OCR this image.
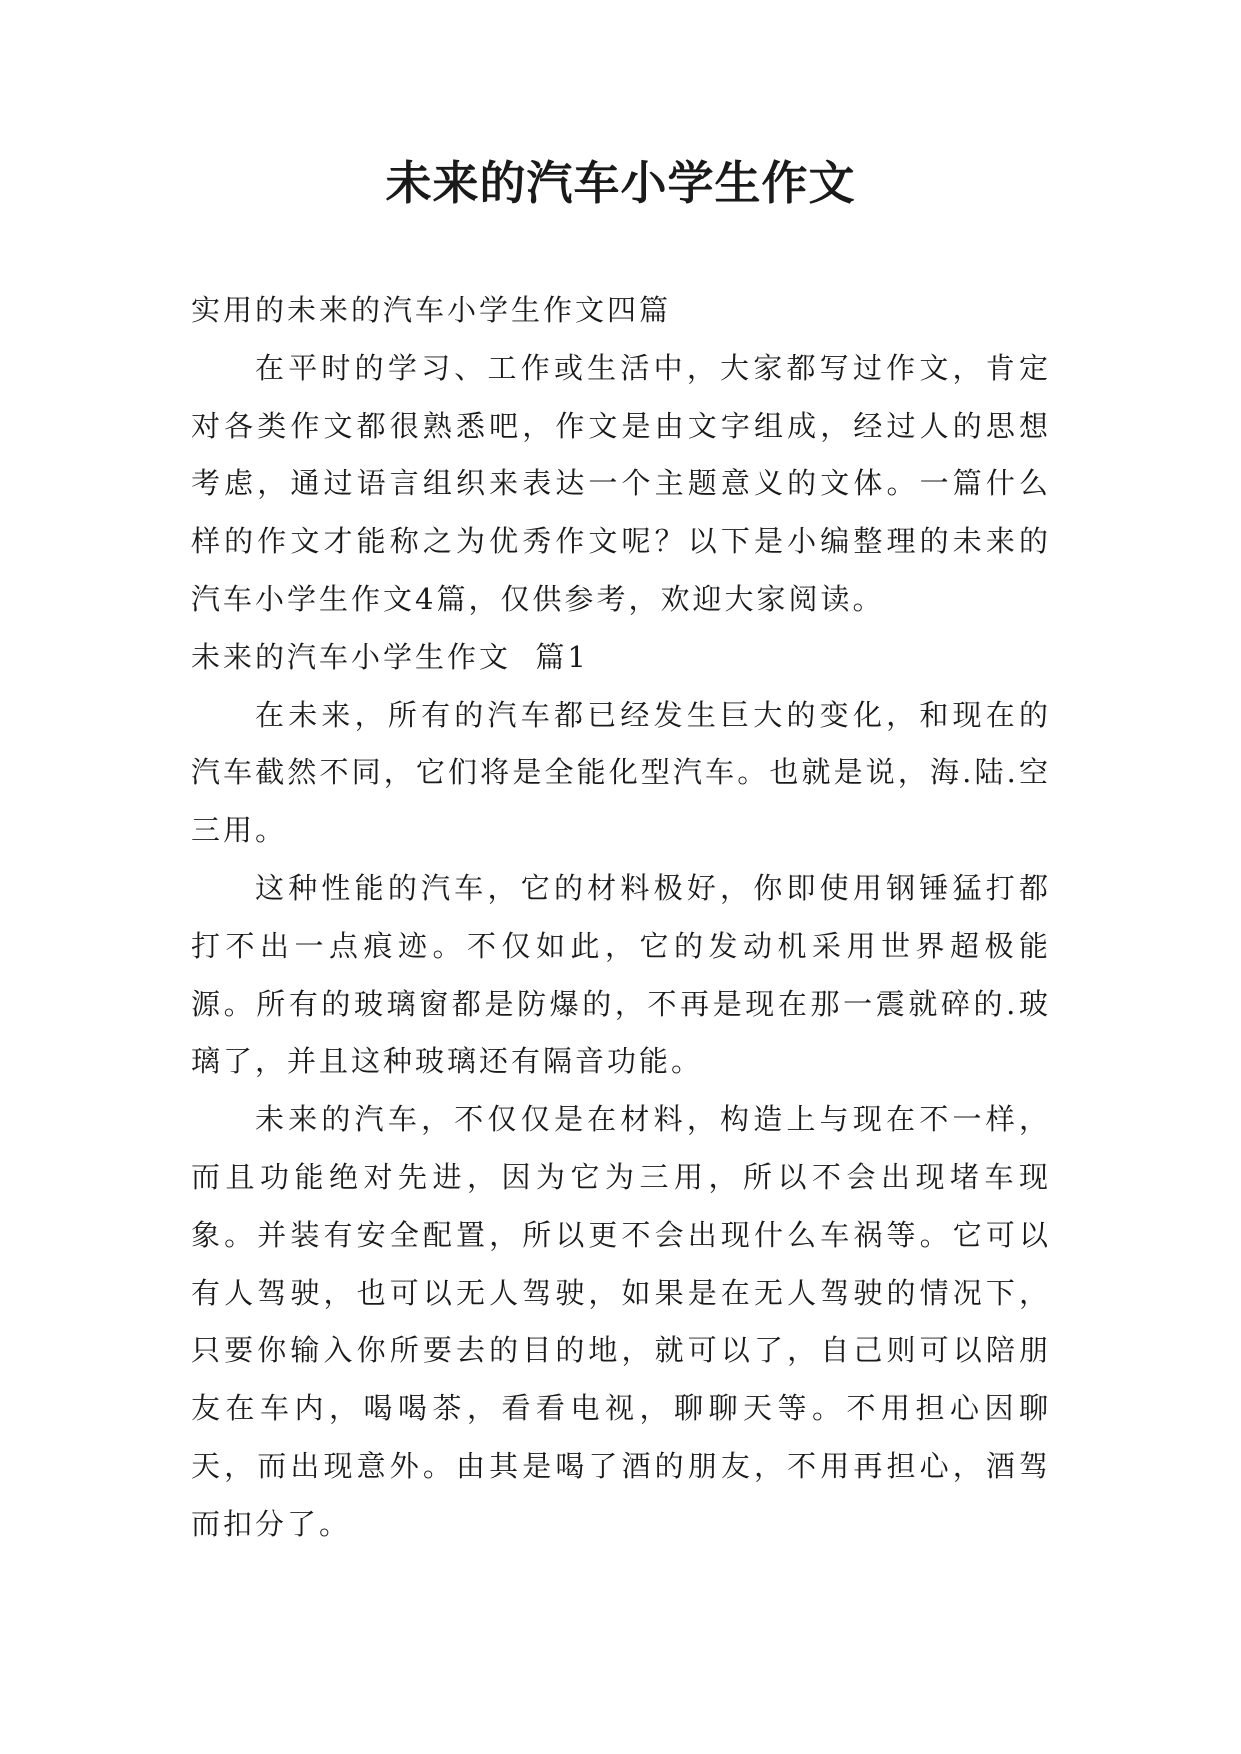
未来的汽车小学生作文

实用的未来的汽车小学生作文四篇

在平时的学习、工作或生活中，大家都写过作文，肯定对各类作文都很熟悉吧，作文是由文字组成，经过人的思想考虑，通过语言组织来表达一个主题意义的文体。一篇什么样的作文才能称之为优秀作文呢？以下是小编整理的未来的汽车小学生作文4篇，仅供参考，欢迎大家阅读。

未来的汽车小学生作文  篇1

在未来，所有的汽车都已经发生巨大的变化，和现在的汽车截然不同，它们将是全能化型汽车。也就是说，海.陆.空三用。

这种性能的汽车，它的材料极好，你即使用钢锤猛打都打不出一点痕迹。不仅如此，它的发动机采用世界超极能源。所有的玻璃窗都是防爆的，不再是现在那一震就碎的.玻璃了，并且这种玻璃还有隔音功能。

未来的汽车，不仅仅是在材料，构造上与现在不一样，而且功能绝对先进，因为它为三用，所以不会出现堵车现象。并装有安全配置，所以更不会出现什么车祸等。它可以有人驾驶，也可以无人驾驶，如果是在无人驾驶的情况下，只要你输入你所要去的目的地，就可以了，自己则可以陪朋友在车内，喝喝茶，看看电视，聊聊天等。不用担心因聊天，而出现意外。由其是喝了酒的朋友，不用再担心，酒驾而扣分了。
